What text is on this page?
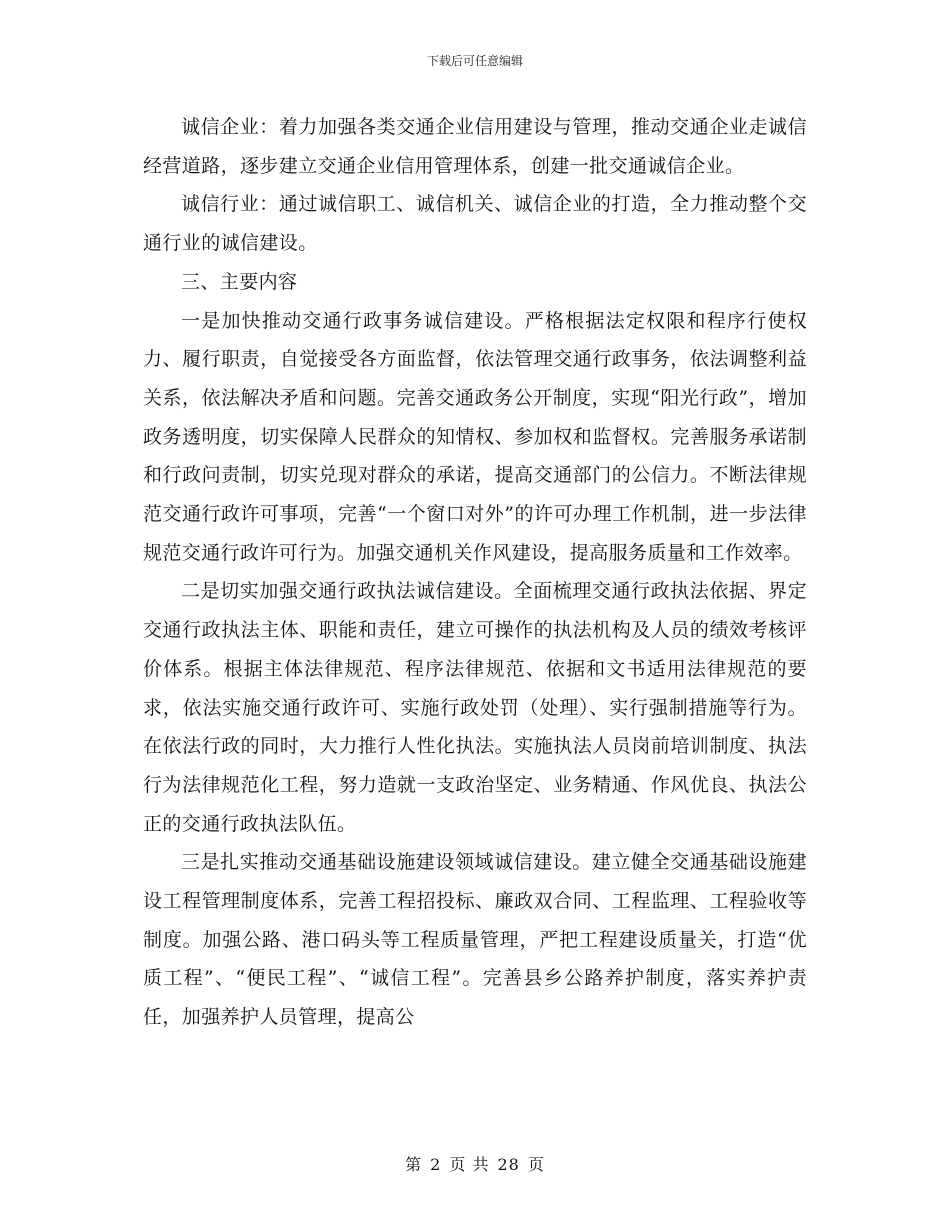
下载后可任意编辑

诚信企业：着力加强各类交通企业信用建设与管理，推动交通企业走诚信经营道路，逐步建立交通企业信用管理体系，创建一批交通诚信企业。

诚信行业：通过诚信职工、诚信机关、诚信企业的打造，全力推动整个交通行业的诚信建设。

三、主要内容

一是加快推动交通行政事务诚信建设。严格根据法定权限和程序行使权力、履行职责，自觉接受各方面监督，依法管理交通行政事务，依法调整利益关系，依法解决矛盾和问题。完善交通政务公开制度，实现“阳光行政”，增加政务透明度，切实保障人民群众的知情权、参加权和监督权。完善服务承诺制和行政问责制，切实兑现对群众的承诺，提高交通部门的公信力。不断法律规范交通行政许可事项，完善“一个窗口对外”的许可办理工作机制，进一步法律规范交通行政许可行为。加强交通机关作风建设，提高服务质量和工作效率。

二是切实加强交通行政执法诚信建设。全面梳理交通行政执法依据、界定交通行政执法主体、职能和责任，建立可操作的执法机构及人员的绩效考核评价体系。根据主体法律规范、程序法律规范、依据和文书适用法律规范的要求，依法实施交通行政许可、实施行政处罚（处理）、实行强制措施等行为。在依法行政的同时，大力推行人性化执法。实施执法人员岗前培训制度、执法行为法律规范化工程，努力造就一支政治坚定、业务精通、作风优良、执法公正的交通行政执法队伍。

三是扎实推动交通基础设施建设领域诚信建设。建立健全交通基础设施建设工程管理制度体系，完善工程招投标、廉政双合同、工程监理、工程验收等制度。加强公路、港口码头等工程质量管理，严把工程建设质量关，打造“优质工程”、“便民工程”、“诚信工程”。完善县乡公路养护制度，落实养护责任，加强养护人员管理，提高公

第 2 页 共 28 页
